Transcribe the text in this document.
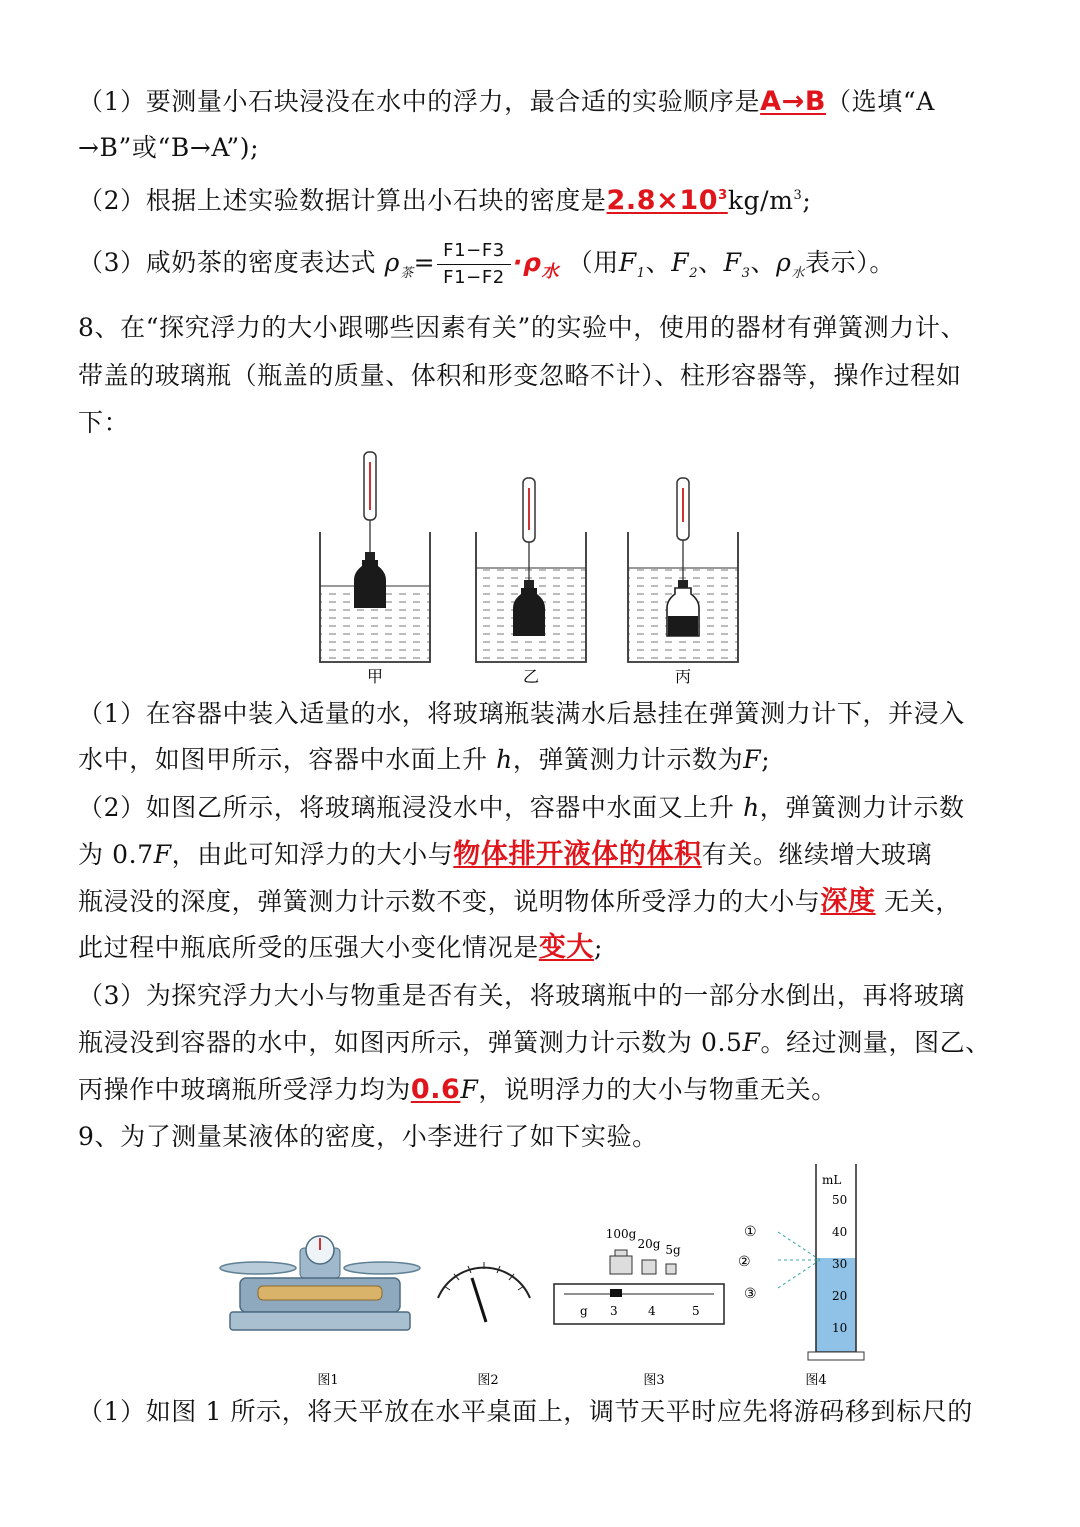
（1）要测量小石块浸没在水中的浮力，最合适的实验顺序是A→B（选填“A
→B”或“B→A”);
（2）根据上述实验数据计算出小石块的密度是$2.8\times 10^3kg/m^3$;
（3）咸奶茶的密度表达式 $\rho_茶= \frac{F1-F3}{F1-F2} \cdot\rho_水$ （用$F_1$、$F_2$、$F_3$、$\rho_水$表示）。
8、在“探究浮力的大小跟哪些因素有关”的实验中，使用的器材有弹簧测力计、
带盖的玻璃瓶（瓶盖的质量、体积和形变忽略不计）、柱形容器等，操作过程如
下：
甲	乙	丙
（1）在容器中装入适量的水，将玻璃瓶装满水后悬挂在弹簧测力计下，并浸入
水中，如图甲所示，容器中水面上升 h，弹簧测力计示数为F;
（2）如图乙所示，将玻璃瓶浸没水中，容器中水面又上升 h，弹簧测力计示数
为 0.7F，由此可知浮力的大小与物体排开液体的体积有关。继续增大玻璃
瓶浸没的深度，弹簧测力计示数不变，说明物体所受浮力的大小与深度 无关，
此过程中瓶底所受的压强大小变化情况是变大;
（3）为探究浮力大小与物重是否有关，将玻璃瓶中的一部分水倒出，再将玻璃
瓶浸没到容器的水中，如图丙所示，弹簧测力计示数为 0.5F。经过测量，图乙、
丙操作中玻璃瓶所受浮力均为0.6F，说明浮力的大小与物重无关。
9、为了测量某液体的密度，小李进行了如下实验。
100g
20g 5g
g 3	4	5
mL
50
40
30
20
10
①
②
③
图1	图2	图3	图4
（1）如图 1 所示，将天平放在水平桌面上，调节天平时应先将游码移到标尺的
